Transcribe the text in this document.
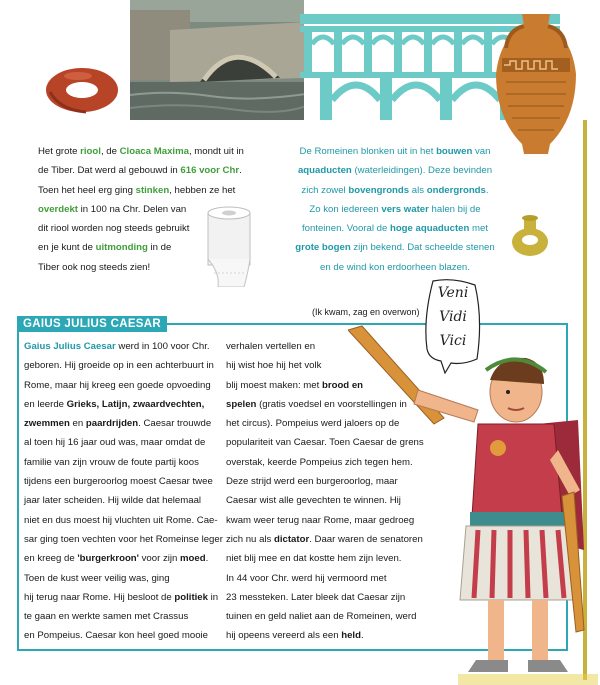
Het grote riool, de Cloaca Maxima, mondt uit in
de Tiber. Dat werd al gebouwd in 616 voor Chr.
Toen het heel erg ging stinken, hebben ze het
overdekt in 100 na Chr. Delen van
dit riool worden nog steeds gebruikt
en je kunt de uitmonding in de
Tiber ook nog steeds zien!
De Romeinen blonken uit in het bouwen van
aquaducten (waterleidingen). Deze bevinden
zich zowel bovengronds als ondergronds.
Zo kon iedereen vers water halen bij de
fonteinen. Vooral de hoge aquaducten met
grote bogen zijn bekend. Dat scheelde stenen
en de wind kon erdoorheen blazen.
GAIUS JULIUS CAESAR
(Ik kwam, zag en overwon)
Veni
Vidi
Vici
Gaius Julius Caesar werd in 100 voor Chr.
geboren. Hij groeide op in een achterbuurt in
Rome, maar hij kreeg een goede opvoeding
en leerde Grieks, Latijn, zwaardvechten,
zwemmen en paardrijden. Caesar trouwde
al toen hij 16 jaar oud was, maar omdat de
familie van zijn vrouw de foute partij koos
tijdens een burgeroorlog moest Caesar twee
jaar later scheiden. Hij wilde dat helemaal
niet en dus moest hij vluchten uit Rome. Cae-
sar ging toen vechten voor het Romeinse leger
en kreeg de 'burgerkroon' voor zijn moed.
Toen de kust weer veilig was, ging
hij terug naar Rome. Hij besloot de politiek in
te gaan en werkte samen met Crassus
en Pompeius. Caesar kon heel goed mooie
verhalen vertellen en
hij wist hoe hij het volk
blij moest maken: met brood en
spelen (gratis voedsel en voorstellingen in
het circus). Pompeius werd jaloers op de
populariteit van Caesar. Toen Caesar de grens
overstak, keerde Pompeius zich tegen hem.
Deze strijd werd een burgeroorlog, maar
Caesar wist alle gevechten te winnen. Hij
kwam weer terug naar Rome, maar gedroeg
zich nu als dictator. Daar waren de senatoren
niet blij mee en dat kostte hem zijn leven.
In 44 voor Chr. werd hij vermoord met
23 messteken. Later bleek dat Caesar zijn
tuinen en geld naliet aan de Romeinen, werd
hij opeens vereerd als een held.
